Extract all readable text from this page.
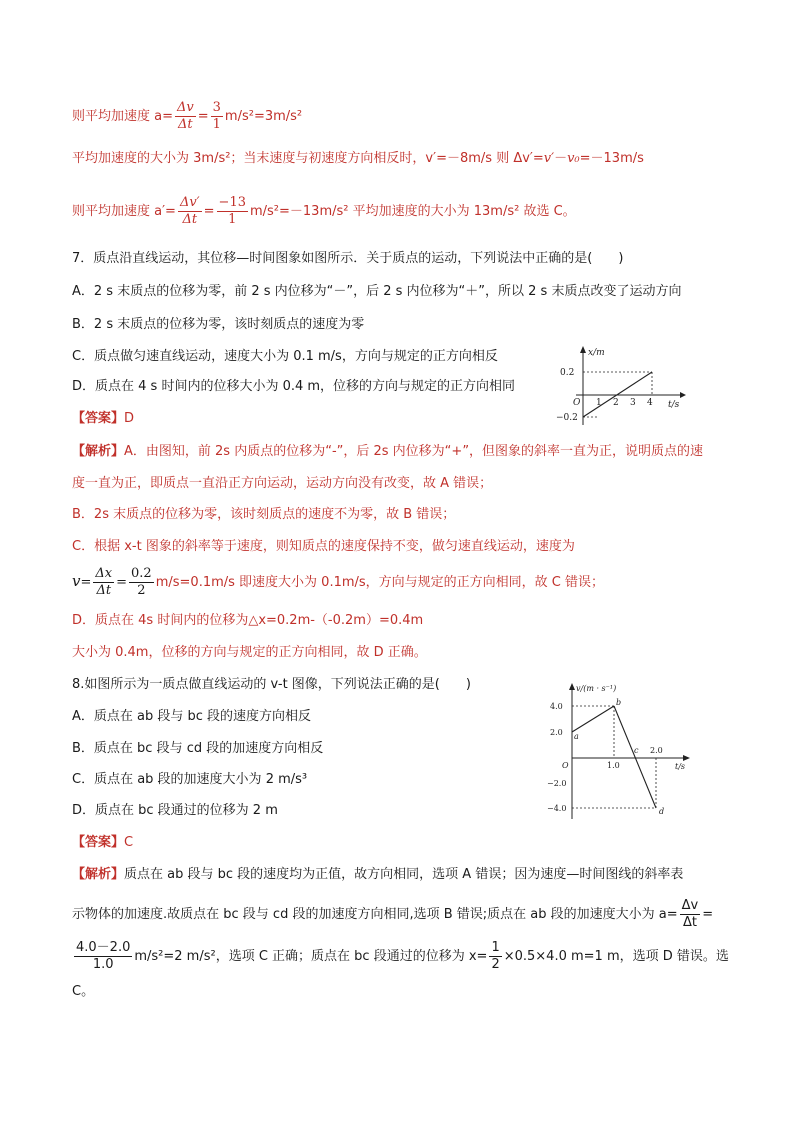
则平均加速度 $a= \frac{\Delta v}{\Delta t} = \frac{3}{1} m/s^2=3m/s^2$
平均加速度的大小为 3m/s²；当末速度与初速度方向相反时，v′=－8m/s 则 Δv′=v′－v₀=－13m/s
则平均加速度 $a'= \frac{\Delta v'}{\Delta t} = \frac{-13}{1} m/s^2=-13m/s^2$ 平均加速度的大小为 13m/s² 故选 C。
7．质点沿直线运动，其位移—时间图象如图所示．关于质点的运动，下列说法中正确的是(　　)
A．2 s 末质点的位移为零，前 2 s 内位移为“－”，后 2 s 内位移为“＋”，所以 2 s 末质点改变了运动方向
B．2 s 末质点的位移为零，该时刻质点的速度为零
C．质点做匀速直线运动，速度大小为 0.1 m/s，方向与规定的正方向相反
D．质点在 4 s 时间内的位移大小为 0.4 m，位移的方向与规定的正方向相同
x/m
t/s
0.2
−0.2
O 1 2 3 4
【答案】D
【解析】A．由图知，前 2s 内质点的位移为“-”，后 2s 内位移为“+”，但图象的斜率一直为正，说明质点的速
度一直为正，即质点一直沿正方向运动，运动方向没有改变，故 A 错误；
B．2s 末质点的位移为零，该时刻质点的速度不为零，故 B 错误；
C．根据 x-t 图象的斜率等于速度，则知质点的速度保持不变，做匀速直线运动，速度为
$v= \frac{\Delta x}{\Delta t} = \frac{0.2}{2} m/s=0.1m/s$ 即速度大小为 0.1m/s，方向与规定的正方向相同，故 C 错误；
D．质点在 4s 时间内的位移为△x=0.2m-（-0.2m）=0.4m
大小为 0.4m，位移的方向与规定的正方向相同，故 D 正确。
8.如图所示为一质点做直线运动的 v-t 图像，下列说法正确的是(　　)
A．质点在 ab 段与 bc 段的速度方向相反
B．质点在 bc 段与 cd 段的加速度方向相反
C．质点在 ab 段的加速度大小为 2 m/s³
D．质点在 bc 段通过的位移为 2 m
v/(m · s⁻¹)
t/s
4.0
2.0
O
−2.0
−4.0
1.0
2.0
a
b
c
d
【答案】C
【解析】质点在 ab 段与 bc 段的速度均为正值，故方向相同，选项 A 错误；因为速度—时间图线的斜率表
示物体的加速度.故质点在 bc 段与 cd 段的加速度方向相同,选项 B 错误;质点在 ab 段的加速度大小为 $a= \frac{\Delta v}{\Delta t}$ =
$\frac{4.0-2.0}{1.0} m/s^2=2$ m/s²，选项 C 正确；质点在 bc 段通过的位移为 $x= \frac{1}{2} \times 0.5\times 4.0$ m=1 m，选项 D 错误。选
C。
